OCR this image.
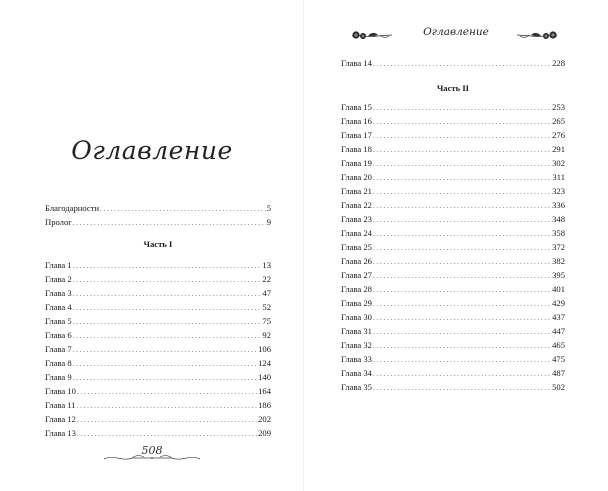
Оглавление
Благодарности . . .	5
Пролог . . .	9
Часть I
Глава 1 . . .	13
Глава 2 . . .	22
Глава 3 . . .	47
Глава 4 . . .	52
Глава 5 . . .	75
Глава 6 . . .	92
Глава 7 . . .	106
Глава 8 . . .	124
Глава 9 . . .	140
Глава 10 . . .	164
Глава 11 . . .	186
Глава 12 . . .	202
Глава 13 . . .	209
508
Оглавление
Глава 14 . . .	228
Часть II
Глава 15 . . .	253
Глава 16 . . .	265
Глава 17 . . .	276
Глава 18 . . .	291
Глава 19 . . .	302
Глава 20 . . .	311
Глава 21 . . .	323
Глава 22 . . .	336
Глава 23 . . .	348
Глава 24 . . .	358
Глава 25 . . .	372
Глава 26 . . .	382
Глава 27 . . .	395
Глава 28 . . .	401
Глава 29 . . .	429
Глава 30 . . .	437
Глава 31 . . .	447
Глава 32 . . .	465
Глава 33 . . .	475
Глава 34 . . .	487
Глава 35 . . .	502
